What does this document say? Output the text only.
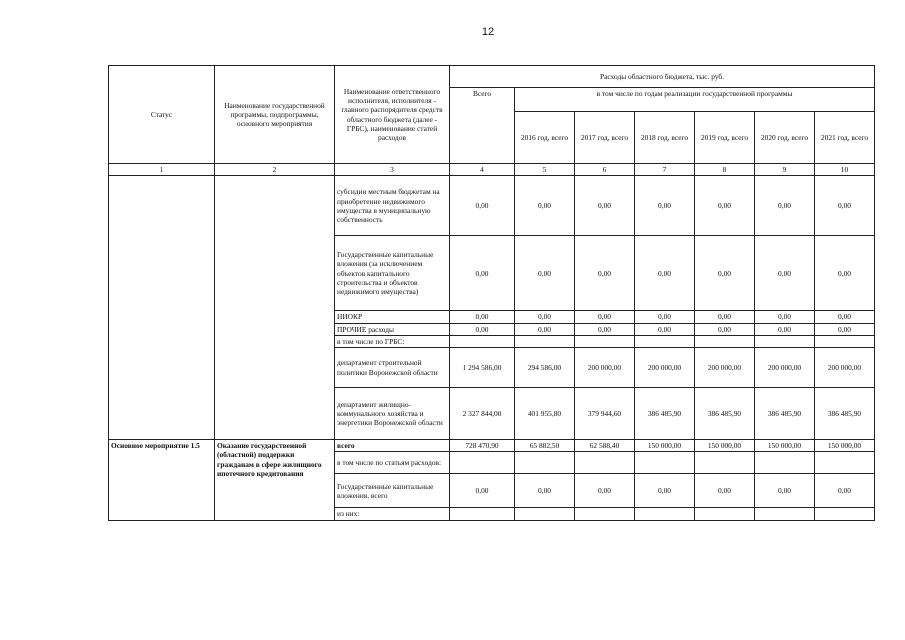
12
Статус	Наименование государственной программы, подпрограммы, основного мероприятия	Наименование ответственного исполнителя, исполнителя - главного распорядителя средств областного бюджета (далее - ГРБС), наименование статей расходов	Расходы областного бюджета, тыс. руб.						
			Всего	в том числе по годам реализации государственной программы					
				2016 год, всего	2017 год, всего	2018 год, всего	2019 год, всего	2020 год, всего	2021 год, всего
1	2	3	4	5	6	7	8	9	10
		субсидии местным бюджетам на приобретение недвижимого имущества в муниципальную собственность	0,00	0,00	0,00	0,00	0,00	0,00	0,00
		Государственные капитальные вложения (за исключением объектов капитального строительства и объектов недвижимого имущества)	0,00	0,00	0,00	0,00	0,00	0,00	0,00
		НИОКР	0,00	0,00	0,00	0,00	0,00	0,00	0,00
		ПРОЧИЕ расходы	0,00	0,00	0,00	0,00	0,00	0,00	0,00
		в том числе по ГРБС:							
		департамент строительной политики Воронежской области	1 294 586,00	294 586,00	200 000,00	200 000,00	200 000,00	200 000,00	200 000,00
		департамент жилищно-коммунального хозяйства и энергетики Воронежской области	2 327 844,00	401 955,80	379 944,60	386 485,90	386 485,90	386 485,90	386 485,90
Основное мероприятие 1.5	Оказание государственной (областной) поддержки гражданам в сфере жилищного ипотечного кредитования	всего	728 470,90	65 882,50	62 588,40	150 000,00	150 000,00	150 000,00	150 000,00
		в том числе по статьям расходов:							
		Государственные капитальные вложения, всего	0,00	0,00	0,00	0,00	0,00	0,00	0,00
		из них:							
